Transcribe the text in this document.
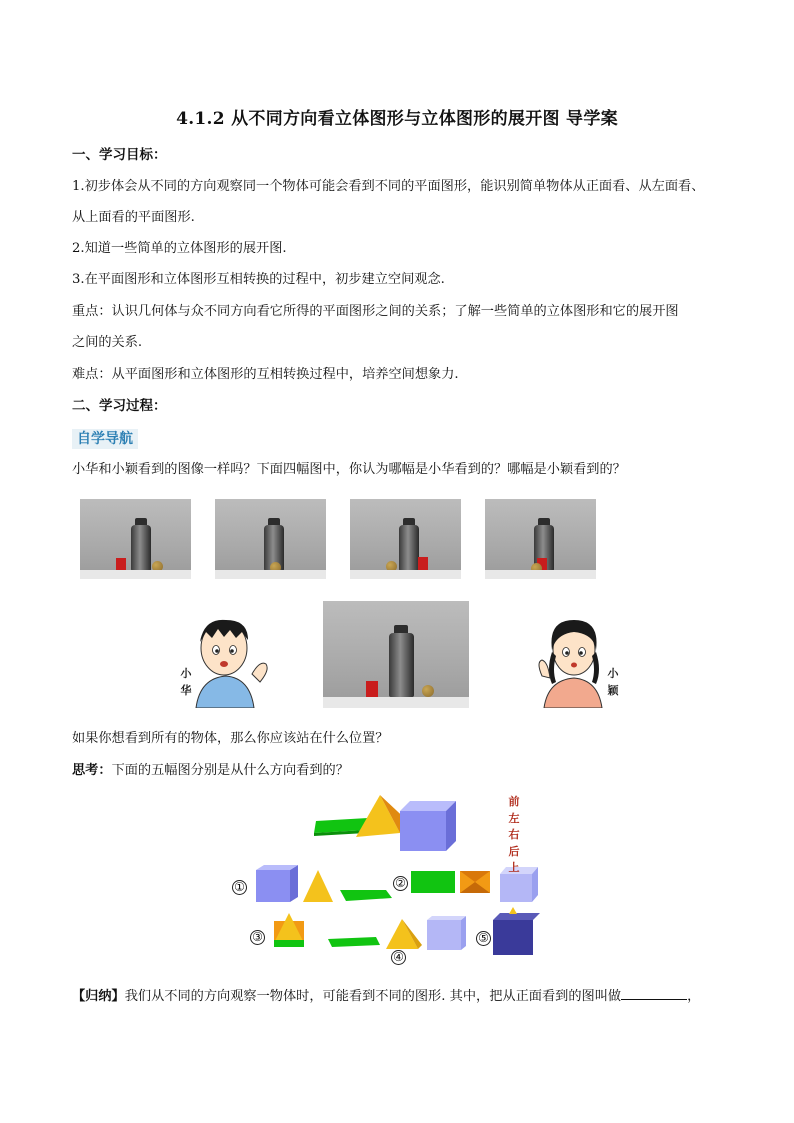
4.1.2 从不同方向看立体图形与立体图形的展开图 导学案
一、学习目标：
1.初步体会从不同的方向观察同一个物体可能会看到不同的平面图形，能识别简单物体从正面看、从左面看、
从上面看的平面图形.
2.知道一些简单的立体图形的展开图.
3.在平面图形和立体图形互相转换的过程中，初步建立空间观念.
重点：认识几何体与众不同方向看它所得的平面图形之间的关系；了解一些简单的立体图形和它的展开图
之间的关系.
难点：从平面图形和立体图形的互相转换过程中，培养空间想象力.
二、学习过程：
自学导航
小华和小颖看到的图像一样吗？下面四幅图中，你认为哪幅是小华看到的？哪幅是小颖看到的？
小华
小颖
如果你想看到所有的物体，那么你应该站在什么位置？
思考：下面的五幅图分别是从什么方向看到的？
①	②
③
④
⑤
前
左
右
后
上
【归纳】我们从不同的方向观察一物体时，可能看到不同的图形. 其中，把从正面看到的图叫做	，
